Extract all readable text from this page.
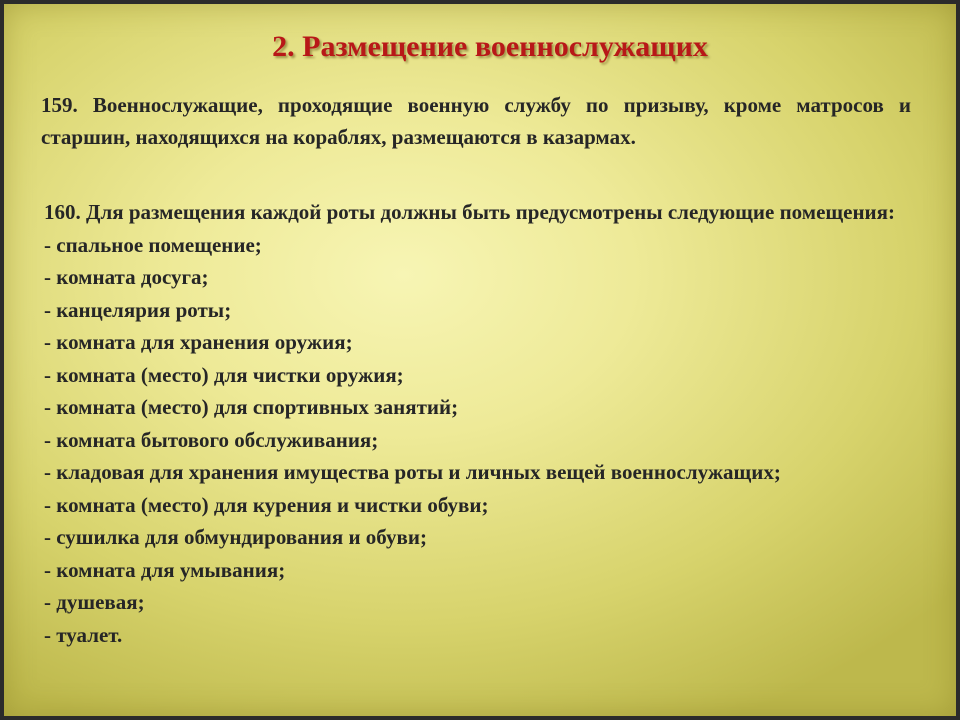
2. Размещение военнослужащих

159. Военнослужащие, проходящие военную службу по призыву, кроме матросов и старшин, находящихся на кораблях, размещаются в казармах.

160. Для размещения каждой роты должны быть предусмотрены следующие помещения:
- спальное помещение;
- комната досуга;
- канцелярия роты;
- комната для хранения оружия;
- комната (место) для чистки оружия;
- комната (место) для спортивных занятий;
- комната бытового обслуживания;
- кладовая для хранения имущества роты и личных вещей военнослужащих;
- комната (место) для курения и чистки обуви;
- сушилка для обмундирования и обуви;
- комната для умывания;
- душевая;
- туалет.
